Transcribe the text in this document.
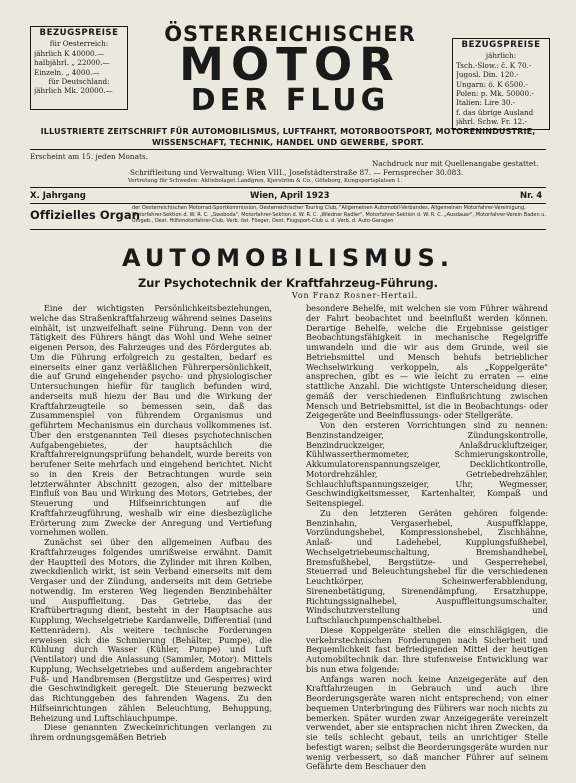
BEZUGSPREISE
für Oesterreich:
jährlich K 40000.—
halbjährl. „ 22000.—
Einzeln. „ 4000.—
für Deutschland:
jährlich Mk. 20000.—
ÖSTERREICHISCHER
MOTOR
DER FLUG
BEZUGSPREISE
jährlich:
Tsch.-Slow.: č. K 70.-
Jugosl. Din. 120.-
Ungarn: ö. K 6500.-
Polen: p. Mk. 50000.-
Italien: Lire 30.-
f. das übrige Ausland
jährl. Schw. Fr. 12.-
ILLUSTRIERTE ZEITSCHRIFT FÜR AUTOMOBILISMUS, LUFTFAHRT, MOTORBOOTSPORT, MOTORENINDUSTRIE, WISSENSCHAFT, TECHNIK, HANDEL UND GEWERBE, SPORT.
Erscheint am 15. jeden Monats.
Nachdruck nur mit Quellenangabe gestattet.
Schriftleitung und Verwaltung: Wien VIII., Josefstädterstraße 87. — Fernsprecher 30.083.
Vertretung für Schweden: Aktiebolaget Landgren, Kjerström & Co., Göteborg, Kungsportsplatsen 1.
X. Jahrgang	Wien, April 1923	Nr. 4
Offizielles Organ
der Oesterreichischen Motorrad-Sportkommission, Oesterreichischer Touring Club, "Allgemeinen Automobil-Verbandes, Allgemeinen Motorfahrer-Vereinigung, Motorfahrer-Sektion d. W. R. C. „Swoboda", Motorfahrer-Sektion d. W. R. C. „Wiedner Radler", Motorfahrer-Sektion d. W. R. C. „Ausdauer", Motorfahrer-Verein Baden u. Umgeb., Oest. Hilfsmotorfahrer-Club, Verb. öst. Flieger, Oest. Flugsport-Club u. d. Verb. d. Auto-Garagen
AUTOMOBILISMUS.
Zur Psychotechnik der Kraftfahrzeug-Führung.
Von Franz Rosner-Hertail.

Eine der wichtigsten Persönlichkeitsbeziehungen, welche das Straßenkraftfahrzeug während seines Daseins einhält, ist unzweifelhaft seine Führung. Denn von der Tätigkeit des Führers hängt das Wohl und Wehe seiner eigenen Person, des Fahrzeuges und des Fördergutes ab. Um die Führung erfolgreich zu gestalten, bedarf es einerseits einer ganz verläßlichen Führerpersönlichkeit, die auf Grund eingehender psycho- und physiologischer Untersuchungen hiefür für tauglich befunden wird, anderseits muß hiezu der Bau und die Wirkung der Kraftfahrzeugteile so bemessen sein, daß das Zusammenspiel von führendem Organismus und geführtem Mechanismus ein durchaus vollkommenes ist. Über den erstgenannten Teil dieses psychotechnischen Aufgabengebietes, der hauptsächlich die Kraftfahrereignungsprüfung behandelt, wurde bereits von berufener Seite mehrfach und eingehend berichtet. Nicht so in den Kreis der Betrachtungen wurde sein letzterwähnter Abschnitt gezogen, also der mittelbare Einfluß von Bau und Wirkung des Motors, Getriebes, der Steuerung und Hilfseinrichtungen auf die Kraftfahrzeugführung, weshalb wir eine diesbezügliche Erörterung zum Zwecke der Anregung und Vertiefung vornehmen wollen.

Zunächst sei über den allgemeinen Aufbau des Kraftfahrzeuges folgendes umrißweise erwähnt. Damit der Hauptteil des Motors, die Zylinder mit ihren Kolben, zweckdienlich wirkt, ist sein Verband einerseits mit dem Vergaser und der Zündung, anderseits mit dem Getriebe notwendig. Im ersteren Weg liegenden Benzinbehälter und Auspuffleitung. Das Getriebe, das der Kraftübertragung dient, besteht in der Hauptsache aus Kupplung, Wechselgetriebe Kardanwelle, Differential (und Kettenrädern). Als weitere technische Forderungen erweisen sich die Schmierung (Behälter, Pumpe), die Kühlung durch Wasser (Kühler, Pumpe) und Luft (Ventilator) und die Anlassung (Sammler, Motor). Mittels Kupplung, Wechselgetriebes und außerdem angebrachter Fuß- und Handbremsen (Bergstütze und Gesperres) wird die Geschwindigkeit geregelt. Die Steuerung bezweckt das Richtunggeben des fahrenden Wagens. Zu den Hilfseinrichtungen zählen Beleuchtung, Behuppung, Beheizung und Luftschlauchpumpe.

Diese genannten Zweckeinrichtungen verlangen zu ihrem ordnungsgemäßen Betrieb

besondere Behelfe, mit welchen sie vom Führer während der Fahrt beobachtet und beeinflußt werden können. Derartige Behelfe, welche die Ergebnisse geistiger Beobachtungsfähigkeit in mechanische Regelgriffe umwandeln und die wir aus dem Grunde, weil sie Betriebsmittel und Mensch behufs betrieblicher Wechselwirkung verkoppeln, als „Koppelgeräte" ansprechen, gibt es — wie leicht zu erraten — eine stattliche Anzahl. Die wichtigste Unterscheidung dieser, gemäß der verschiedenen Einflußrichtung zwischen Mensch und Betriebsmittel, ist die in Beobachtungs- oder Zeigegeräte und Beeinflussungs- oder Stellgeräte.

Von den ersteren Vorrichtungen sind zu nennen: Benzinstandzeiger, Zündungskontrolle, Benzindruckzeiger, Anlaßdruckluftzeiger, Kühlwasserthermometer, Schmierungskontrolle, Akkumulatorenspannungszeiger, Decklichtkontrolle, Motordrehzähler, Getriebedrehzähler, Schlauchluftspannungszeiger, Uhr, Wegmesser, Geschwindigkeitsmesser, Kartenhalter, Kompaß und Seitenspiegel.

Zu den letzteren Geräten gehören folgende: Benzinhahn, Vergaserhebel, Auspuffklappe, Vorzündungshebel, Kompressionshebel, Zischhähne, Anlaß- und Ladehebel, Kupplungsfußhebel, Wechselgetriebeumschaltung, Bremshandhebel, Bremsfußhebel, Bergstütze- und Gesperrehebel, Steuerrad und Beleuchtungshebel für die verschiedenen Leuchtkörper, Scheinwerferabblendung, Sirenenbetätigung, Sirenendämpfung, Ersatzhuppe, Richtungssignalhebel, Auspuffleitungsumschalter, Windschutzverstellung und Luftschlauchpumpenschalthebel.

Diese Koppelgeräte stellen die einschlägigen, die verkehrstechnischen Forderungen nach Sicherheit und Bequemlichkeit fast befriedigenden Mittel der heutigen Automobiltechnik dar. Ihre stufenweise Entwicklung war bis nun etwa folgende:

Anfangs waren noch keine Anzeigegeräte auf den Kraftfahrzeugen in Gebrauch und auch ihre Beorderungsgeräte waren nicht entsprechend; von einer bequemen Unterbringung des Führers war noch nichts zu bemerken. Später wurden zwar Anzeigegeräte vereinzelt verwendet, aber sie entsprachen nicht ihren Zwecken, da sie teils schlecht gebaut, teils an unrichtiger Stelle befestigt waren; selbst die Beorderungsgeräte wurden nur wenig verbessert, so daß mancher Führer auf seinem Gefährte dem Beschauer den
